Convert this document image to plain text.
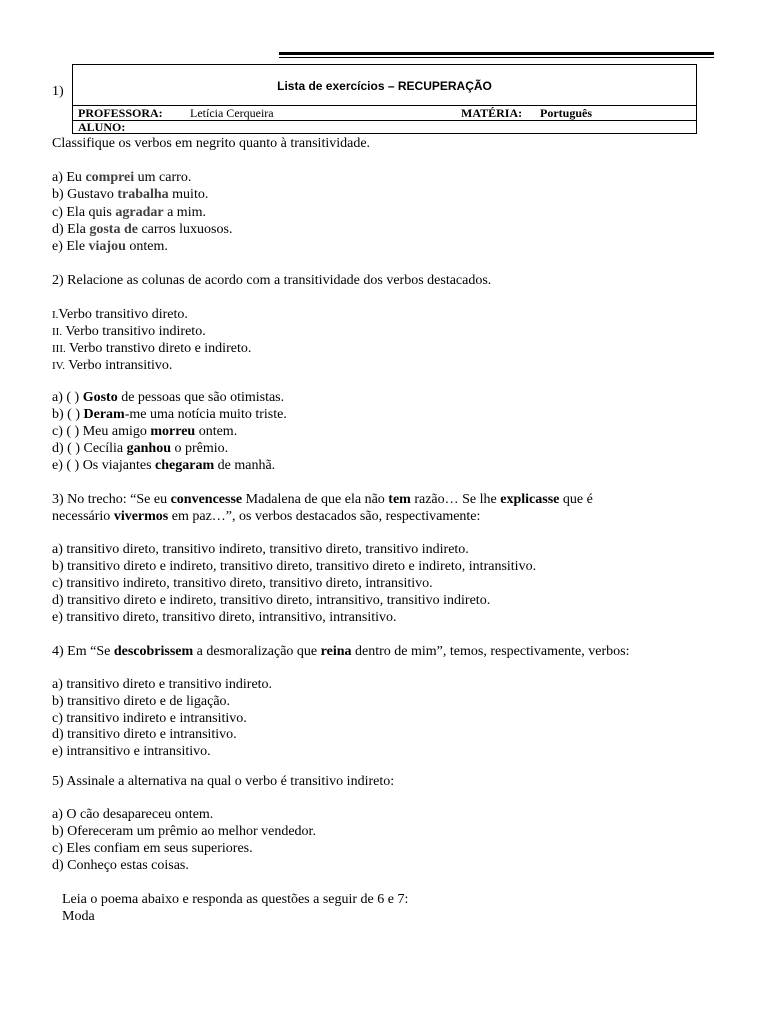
1)	Lista de exercícios – RECUPERAÇÃO
PROFESSORA: Letícia Cerqueira	MATÉRIA: Português
ALUNO:
Classifique os verbos em negrito quanto à transitividade.
a) Eu comprei um carro.
b) Gustavo trabalha muito.
c) Ela quis agradar a mim.
d) Ela gosta de carros luxuosos.
e) Ele viajou ontem.
2) Relacione as colunas de acordo com a transitividade dos verbos destacados.
I.Verbo transitivo direto.
II. Verbo transitivo indireto.
III. Verbo transtivo direto e indireto.
IV. Verbo intransitivo.
a) ( ) Gosto de pessoas que são otimistas.
b) ( ) Deram-me uma notícia muito triste.
c) ( ) Meu amigo morreu ontem.
d) ( ) Cecília ganhou o prêmio.
e) ( ) Os viajantes chegaram de manhã.
3) No trecho: “Se eu convencesse Madalena de que ela não tem razão… Se lhe explicasse que é
necessário vivermos em paz…”, os verbos destacados são, respectivamente:
a) transitivo direto, transitivo indireto, transitivo direto, transitivo indireto.
b) transitivo direto e indireto, transitivo direto, transitivo direto e indireto, intransitivo.
c) transitivo indireto, transitivo direto, transitivo direto, intransitivo.
d) transitivo direto e indireto, transitivo direto, intransitivo, transitivo indireto.
e) transitivo direto, transitivo direto, intransitivo, intransitivo.
4) Em “Se descobrissem a desmoralização que reina dentro de mim”, temos, respectivamente, verbos:
a) transitivo direto e transitivo indireto.
b) transitivo direto e de ligação.
c) transitivo indireto e intransitivo.
d) transitivo direto e intransitivo.
e) intransitivo e intransitivo.
5) Assinale a alternativa na qual o verbo é transitivo indireto:
a) O cão desapareceu ontem.
b) Ofereceram um prêmio ao melhor vendedor.
c) Eles confiam em seus superiores.
d) Conheço estas coisas.
Leia o poema abaixo e responda as questões a seguir de 6 e 7:
Moda
